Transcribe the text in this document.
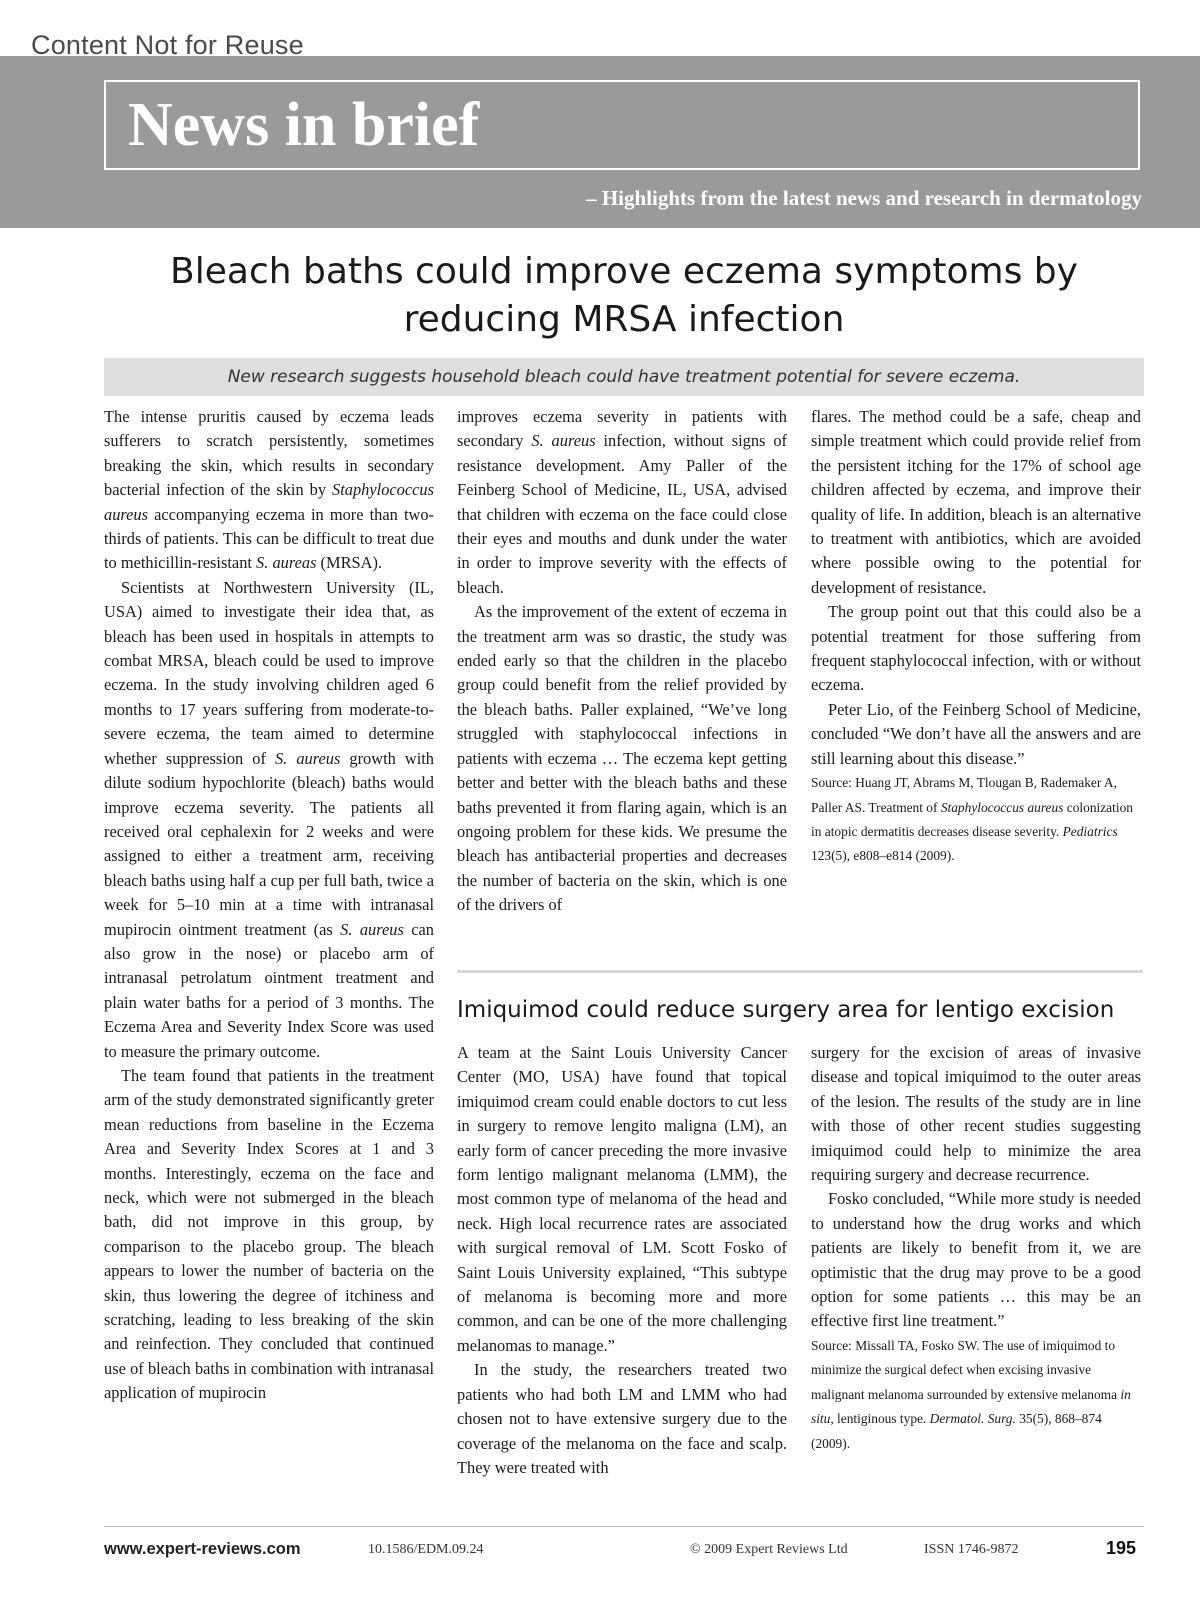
Content Not for Reuse
News in brief
– Highlights from the latest news and research in dermatology
Bleach baths could improve eczema symptoms by
reducing MRSA infection
New research suggests household bleach could have treatment potential for severe eczema.

The intense pruritis caused by eczema leads sufferers to scratch persistently, sometimes breaking the skin, which results in secondary bacterial infection of the skin by Staphylococcus aureus accompanying eczema in more than two-thirds of patients. This can be difficult to treat due to methicillin-resistant S. aureas (MRSA).

Scientists at Northwestern University (IL, USA) aimed to investigate their idea that, as bleach has been used in hospitals in attempts to combat MRSA, bleach could be used to improve eczema. In the study involving children aged 6 months to 17 years suffering from moderate-to-severe eczema, the team aimed to determine whether suppression of S. aureus growth with dilute sodium hypochlorite (bleach) baths would improve eczema severity. The patients all received oral cephalexin for 2 weeks and were assigned to either a treatment arm, receiving bleach baths using half a cup per full bath, twice a week for 5–10 min at a time with intranasal mupirocin ointment treatment (as S. aureus can also grow in the nose) or placebo arm of intranasal petrolatum ointment treatment and plain water baths for a period of 3 months. The Eczema Area and Severity Index Score was used to measure the primary outcome.

The team found that patients in the treatment arm of the study demonstrated significantly greter mean reductions from baseline in the Eczema Area and Severity Index Scores at 1 and 3 months. Interestingly, eczema on the face and neck, which were not submerged in the bleach bath, did not improve in this group, by comparison to the placebo group. The bleach appears to lower the number of bacteria on the skin, thus lowering the degree of itchiness and scratching, leading to less breaking of the skin and reinfection. They concluded that continued use of bleach baths in combination with intranasal application of mupirocin

improves eczema severity in patients with secondary S. aureus infection, without signs of resistance development. Amy Paller of the Feinberg School of Medicine, IL, USA, advised that children with eczema on the face could close their eyes and mouths and dunk under the water in order to improve severity with the effects of bleach.

As the improvement of the extent of eczema in the treatment arm was so drastic, the study was ended early so that the children in the placebo group could benefit from the relief provided by the bleach baths. Paller explained, “We’ve long struggled with staphylococcal infections in patients with eczema … The eczema kept getting better and better with the bleach baths and these baths prevented it from flaring again, which is an ongoing problem for these kids. We presume the bleach has antibacterial properties and decreases the number of bacteria on the skin, which is one of the drivers of

flares. The method could be a safe, cheap and simple treatment which could provide relief from the persistent itching for the 17% of school age children affected by eczema, and improve their quality of life. In addition, bleach is an alternative to treatment with antibiotics, which are avoided where possible owing to the potential for development of resistance.

The group point out that this could also be a potential treatment for those suffering from frequent staphylococcal infection, with or without eczema.

Peter Lio, of the Feinberg School of Medicine, concluded “We don’t have all the answers and are still learning about this disease.”

Source: Huang JT, Abrams M, Tlougan B, Rademaker A, Paller AS. Treatment of Staphylococcus aureus colonization in atopic dermatitis decreases disease severity. Pediatrics 123(5), e808–e814 (2009).

Imiquimod could reduce surgery area for lentigo excision

A team at the Saint Louis University Cancer Center (MO, USA) have found that topical imiquimod cream could enable doctors to cut less in surgery to remove lengito maligna (LM), an early form of cancer preceding the more invasive form lentigo malignant melanoma (LMM), the most common type of melanoma of the head and neck. High local recurrence rates are associated with surgical removal of LM. Scott Fosko of Saint Louis University explained, “This subtype of melanoma is becoming more and more common, and can be one of the more challenging melanomas to manage.”

In the study, the researchers treated two patients who had both LM and LMM who had chosen not to have extensive surgery due to the coverage of the melanoma on the face and scalp. They were treated with

surgery for the excision of areas of invasive disease and topical imiquimod to the outer areas of the lesion. The results of the study are in line with those of other recent studies suggesting imiquimod could help to minimize the area requiring surgery and decrease recurrence.

Fosko concluded, “While more study is needed to understand how the drug works and which patients are likely to benefit from it, we are optimistic that the drug may prove to be a good option for some patients … this may be an effective first line treatment.”

Source: Missall TA, Fosko SW. The use of imiquimod to minimize the surgical defect when excising invasive malignant melanoma surrounded by extensive melanoma in situ, lentiginous type. Dermatol. Surg. 35(5), 868–874 (2009).

www.expert-reviews.com	10.1586/EDM.09.24	© 2009 Expert Reviews Ltd	ISSN 1746-9872	195
